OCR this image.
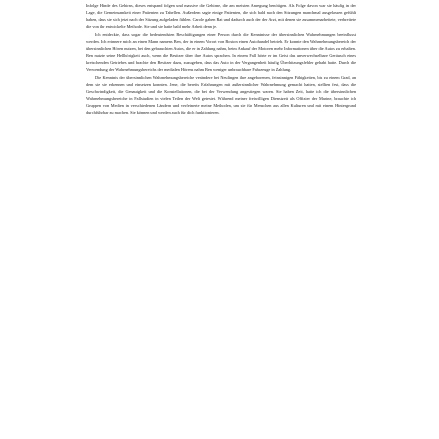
Infolge Hinde des Gehirns, dieses entspand folgen und massive die Gehirne, die am meisten Anregung benötigen. Als Folge davon war sie häufig in der Lage, die Gemeinsamkeit einer Patienten zu Tabellen. Außerdem sagte einige Patienten, die sich bald nach den Sitzungen manchmal ausgelassen gefühlt haben, dass sie sich jetzt nach der Sitzung aufgeladen fühlen. Carole gaben Rat und dadurch auch der der Arzt, mit denen sie zusammenarbeitete, verbreitete die von ihr entwickelte Methode. Sie und sie hatte bald mehr Arbeit denn je.

Ich entdeckte, dass sogar die bedeutendsten Beschäftigungen einer Person durch die Kenntnisse der übersinnlichen Wahrnehmungen beeinflusst werden. Ich erinnere mich an einen Mann namens Ben, der in einem Vorort von Boston einen Autohandel betrieb. Er konnte den Wahrnehmungsbereich der übersinnlichen Hören nutzen, bei den gebrauchten Autos, die er in Zahlung nahm, beim Ankauf der Motoren mehr Informationen über die Autos zu erhalten. Ben nutzte seine Hellhörigkeit auch, wenn die Besitzer über ihre Autos sprachen. In einem Fall hörte er im Geist das unverwechselbare Geräusch eines kreischenden Getriebes und brachte den Besitzer dazu, zuzugeben, dass das Auto in der Vergangenheit häufig Überhitzungsfehler gehabt hatte. Durch die Verwendung der Wahrnehmungsbereichs der medialen Hörens nahm Ben weniger unbrauchbare Fahrzeuge in Zahlung.

Die Kenntnis der übersinnlichen Wahrnehmungsbereiche verändere bei Neulingen ihre angeborenen, feinsinnigen Fähigkeiten, bis zu einem Grad, an dem sie sie erkennen und einsetzen konnten. Jene, die bereits Erfahrungen mit außersinnlicher Wahrnehmung gemacht hatten, stellten fest, dass die Geschwindigkeit, die Genauigkeit und die Konstellationen, die bei der Verwendung angestiegen waren. Sie haben Zeit, hatte ich die übersinnlichen Wahrnehmungsbereiche in Fallstudien in vielen Teilen der Welt getestet. Während meiner freiwilligen Dienstzeit als Offizier der Marine, brauchte ich Gruppen von Medien in verschiedenen Ländern und verfeinerte meine Methoden, um sie für Menschen aus allen Kulturen und mit einem Hintergrund durchführbar zu machen. Sie können und werden auch für dich funktionieren.
